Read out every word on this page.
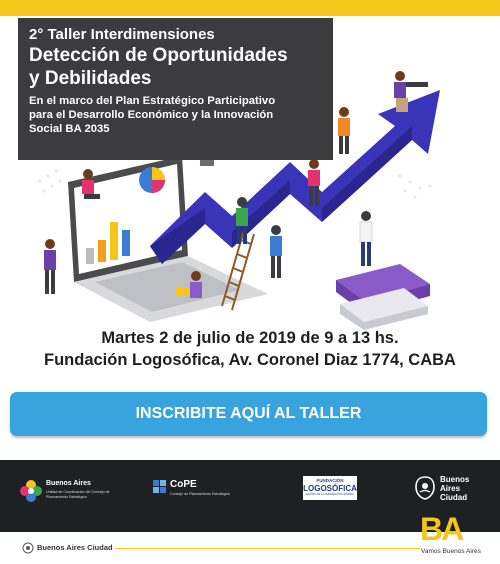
2° Taller Interdimensiones
Detección de Oportunidades
y Debilidades
En el marco del Plan Estratégico Participativo
para el Desarrollo Económico y la Innovación
Social BA 2035
Martes 2 de julio de 2019 de 9 a 13 hs.
Fundación Logosófica, Av. Coronel Diaz 1774, CABA
INSCRIBITE AQUÍ AL TALLER
Buenos Aires
Unidad de Coordinación del Consejo de Planeamiento Estratégico
CoPE
Consejo de Planeamiento Estratégico
FUNDACIÓN
LOGOSÓFICA
EN PRO DE LA SUPERACIÓN HUMANA
Buenos
Aires
Ciudad
Buenos Aires Ciudad
BA
Vamos Buenos Aires
